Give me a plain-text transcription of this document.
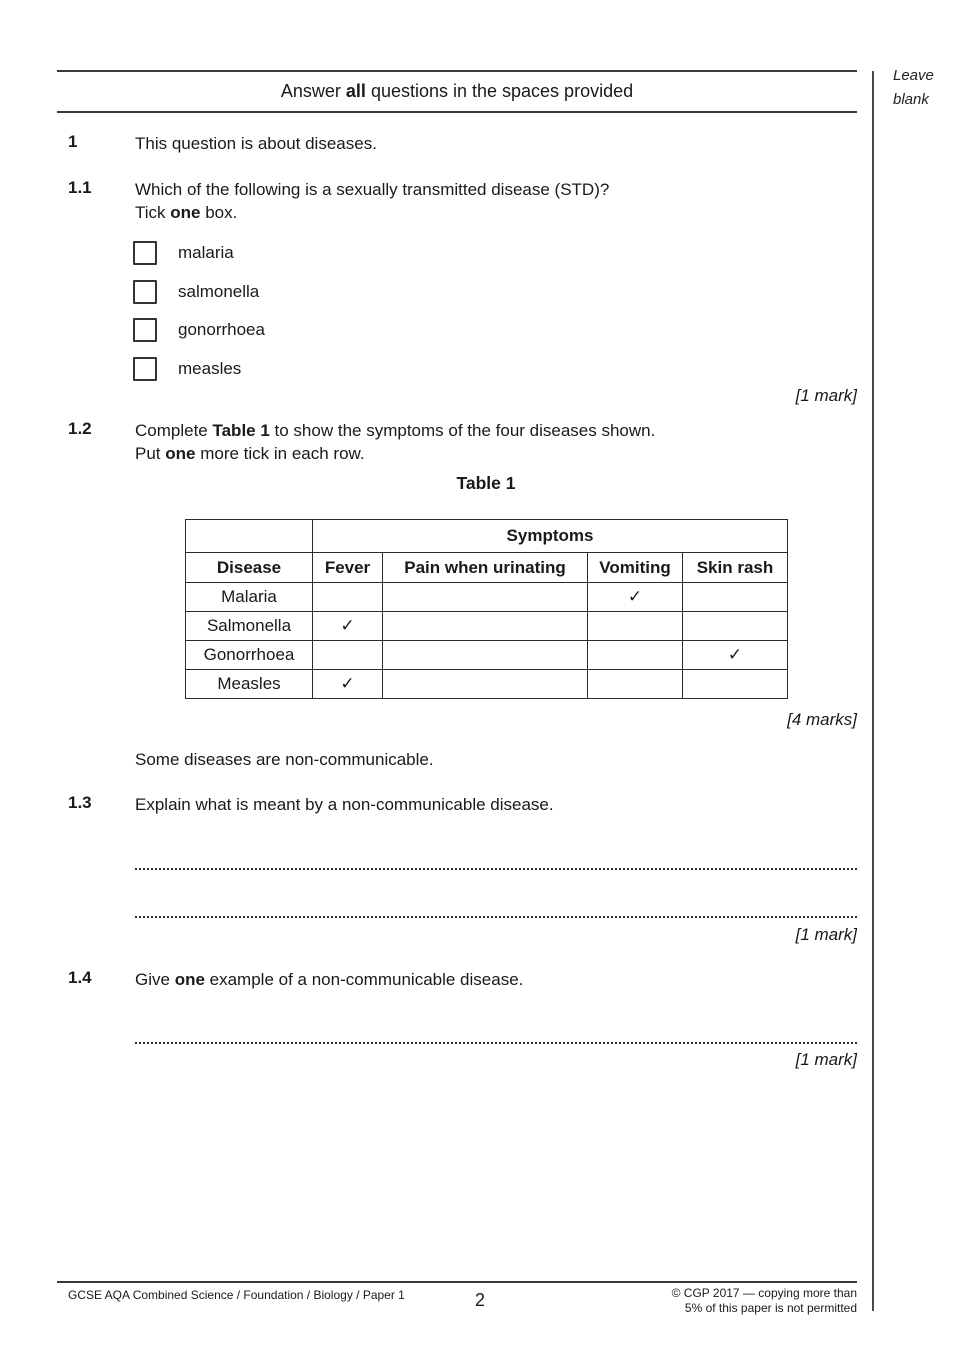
Answer all questions in the spaces provided
Leave
blank
1	This question is about diseases.
1.1	Which of the following is a sexually transmitted disease (STD)?
Tick one box.
malaria
salmonella
gonorrhoea
measles
[1 mark]
1.2	Complete Table 1 to show the symptoms of the four diseases shown.
Put one more tick in each row.
Table 1
	Symptoms			
Disease	Fever	Pain when urinating	Vomiting	Skin rash
Malaria			✓	
Salmonella	✓			
Gonorrhoea				✓
Measles	✓			
[4 marks]
Some diseases are non-communicable.
1.3	Explain what is meant by a non-communicable disease.
[1 mark]
1.4	Give one example of a non-communicable disease.
[1 mark]
GCSE AQA Combined Science / Foundation / Biology / Paper 1	2	© CGP 2017 — copying more than
5% of this paper is not permitted
